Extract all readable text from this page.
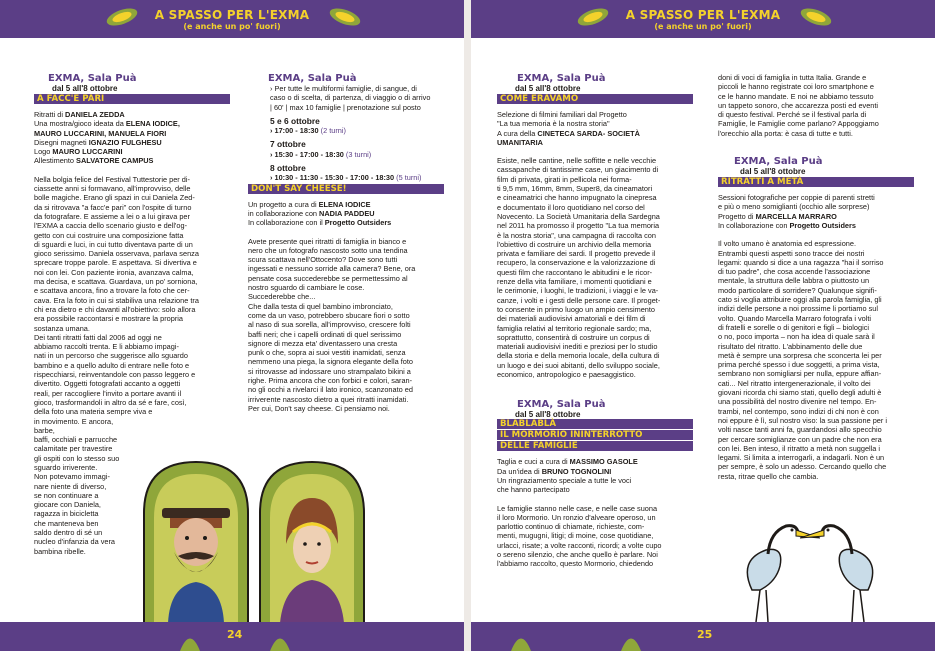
A SPASSO PER L'EXMA
(e anche un po' fuori)
A SPASSO PER L'EXMA
(e anche un po' fuori)
EXMA, Sala Puà
dal 5 all'8 ottobre
A FACC'E PARI

Ritratti di DANIELA ZEDDA

Una mostra/gioco ideata da ELENA IODICE,

MAURO LUCCARINI, MANUELA FIORI

Disegni magneti IGNAZIO FULGHESU

Logo MAURO LUCCARINI

Allestimento SALVATORE CAMPUS

Nella bolgia felice del Festival Tuttestorie per di-

ciassette anni si formavano, all'improvviso, delle

bolle magiche. Erano gli spazi in cui Daniela Zed-

da si ritrovava "a facc'e pari" con l'ospite di turno

da fotografare. E assieme a lei o a lui girava per

l'EXMA a caccia dello scenario giusto e dell'og-

getto con cui costruire una composizione fatta

di sguardi e luci, in cui tutto diventava parte di un

gioco serissimo. Daniela osservava, parlava senza

sprecare troppe parole. E aspettava. Si divertiva e

noi con lei. Con paziente ironia, avanzava calma,

ma decisa, e scattava. Guardava, un po' sorniona,

e scattava ancora, fino a trovare la foto che cer-

cava. Era la foto in cui si stabiliva una relazione tra

chi era dietro e chi davanti all'obiettivo: solo allora

era possibile raccontarsi e mostrare la propria

sostanza umana.

Dei tanti ritratti fatti dal 2006 ad oggi ne

abbiamo raccolti trenta. E li abbiamo impagi-

nati in un percorso che suggerisce allo sguardo

bambino e a quello adulto di entrare nelle foto e

rispecchiarsi, reinventandole con passo leggero e

divertito. Oggetti fotografati accanto a oggetti

reali, per raccogliere l'invito a portare avanti il

gioco, trasformandoli in altro da sé e fare, così,

della foto una materia sempre viva e

in movimento. E ancora, barbe,

baffi, occhiali e parrucche

calamitate per travestire

gli ospiti con lo stesso suo

sguardo irriverente.

Non potevamo immagi-

nare niente di diverso,

se non continuare a

giocare con Daniela,

ragazza in bicicletta

che manteneva ben

saldo dentro di sé un

nucleo d'infanzia da vera

bambina ribelle.

EXMA, Sala Puà

› Per tutte le multiformi famiglie, di sangue, di

caso o di scelta, di partenza, di viaggio o di arrivo

| 60' | max 10 famiglie | prenotazione sul posto

5 e 6 ottobre

› 17:00 - 18:30 (2 turni)

7 ottobre

› 15:30 - 17:00 - 18:30 (3 turni)

8 ottobre

› 10:30 - 11:30 - 15:30 - 17:00 - 18:30 (5 turni)

DON'T SAY CHEESE!

Un progetto a cura di ELENA IODICE

in collaborazione con NADIA PADDEU

In collaborazione con il Progetto Outsiders

Avete presente quei ritratti di famiglia in bianco e

nero che un fotografo nascosto sotto una tendina

scura scattava nell'Ottocento? Dove sono tutti

ingessati e nessuno sorride alla camera? Bene, ora

pensate cosa succederebbe se permettessimo al

nostro sguardo di cambiare le cose.

Succederebbe che...

Che dalla testa di quel bambino imbronciato,

come da un vaso, potrebbero sbucare fiori o sotto

al naso di sua sorella, all'improvviso, crescere folti

baffi neri; che i capelli ordinati di quel serissimo

signore di mezza eta' diventassero una cresta

punk o che, sopra ai suoi vestiti inamidati, senza

nemmeno una piega, la signora elegante della foto

si ritrovasse ad indossare uno strampalato bikini a

righe. Prima ancora che con forbici e colori, saran-

no gli occhi a rivelarci il lato ironico, scanzonato ed

irriverente nascosto dietro a quei ritratti inamidati.

Per cui, Don't say cheese. Ci pensiamo noi.

EXMA, Sala Puà
dal 5 all'8 ottobre
COME ERAVAMO

Selezione di filmini familiari dal Progetto

"La tua memoria è la nostra storia"

A cura della CINETECA SARDA- SOCIETÀ

UMANITARIA

Esiste, nelle cantine, nelle soffitte e nelle vecchie

cassapanche di tantissime case, un giacimento di

film di privata, girati in pellicola nei forma-

ti 9,5 mm, 16mm, 8mm, Super8, da cineamatori

e cineamatrici che hanno impugnato la cinepresa

e documentato il loro quotidiano nel corso del

Novecento. La Società Umanitaria della Sardegna

nel 2011 ha promosso il progetto "La tua memoria

è la nostra storia", una campagna di raccolta con

l'obiettivo di costruire un archivio della memoria

privata e familiare dei sardi. Il progetto prevede il

recupero, la conservazione e la valorizzazione di

questi film che raccontano le abitudini e le ricor-

renze della vita familiare, i momenti quotidiani e

le cerimonie, i luoghi, le tradizioni, i viaggi e le va-

canze, i volti e i gesti delle persone care. Il proget-

to consente in primo luogo un ampio censimento

dei materiali audiovisivi amatoriali e dei film di

famiglia relativi al territorio regionale sardo; ma,

soprattutto, consentirà di costruire un corpus di

materiali audiovisivi inediti e preziosi per lo studio

della storia e della memoria locale, della cultura di

un luogo e dei suoi abitanti, dello sviluppo sociale,

economico, antropologico e paesaggistico.

EXMA, Sala Puà
dal 5 all'8 ottobre
BLABLABLÀ
IL MORMORIO ININTERROTTO
DELLE FAMIGLIE

Taglia e cuci a cura di MASSIMO GASOLE

Da un'idea di BRUNO TOGNOLINI

Un ringraziamento speciale a tutte le voci

che hanno partecipato

Le famiglie stanno nelle case, e nelle case suona

il loro Mormorio. Un ronzio d'alveare operoso, un

parlottio continuo di chiamate, richieste, com-

menti, mugugni, litigi; di moine, cose quotidiane,

urlacci, risate; a volte racconti, ricordi; a volte cupo

o sereno silenzio, che anche quello è parlare. Noi

l'abbiamo raccolto, questo Mormorio, chiedendo

doni di voci di famiglia in tutta Italia. Grande e

piccoli le hanno registrate coi loro smartphone e

ce le hanno mandate. E noi ne abbiamo tessuto

un tappeto sonoro, che accarezza posti ed eventi

di questo festival. Perché se il festival parla di

Famiglie, le Famiglie come parlano? Appoggiamo

l'orecchio alla porta: è casa di tutte e tutti.

EXMA, Sala Puà
dal 5 all'8 ottobre
RITRATTI A METÀ

Sessioni fotografiche per coppie di parenti stretti

e più o meno somiglianti (occhio alle sorprese)

Progetto di MARCELLA MARRARO

In collaborazione con Progetto Outsiders

Il volto umano è anatomia ed espressione.

Entrambi questi aspetti sono tracce dei nostri

legami: quando si dice a una ragazza "hai il sorriso

di tuo padre", che cosa accende l'associazione

mentale, la struttura delle labbra o piuttosto un

modo particolare di sorridere? Qualunque signifi-

cato si voglia attribuire oggi alla parola famiglia, gli

indizi delle persone a noi prossime li portiamo sul

volto. Quando Marcella Marraro fotografa i volti

di fratelli e sorelle o di genitori e figli – biologici

o no, poco importa – non ha idea di quale sarà il

risultato del ritratto. L'abbinamento delle due

metà è sempre una sorpresa che sconcerta lei per

prima perché spesso i due soggetti, a prima vista,

sembrano non somigliarsi per nulla, eppure affian-

cati... Nel ritratto intergenerazionale, il volto dei

giovani ricorda chi siamo stati, quello degli adulti è

una possibilità del nostro divenire nel tempo. En-

trambi, nel contempo, sono indizi di chi non è con

noi eppure è lì, sul nostro viso: la sua passione per i

volti nasce tanti anni fa, guardandosi allo specchio

per cercare somiglianze con un padre che non era

con lei. Ben inteso, il ritratto a metà non suggella i

legami. Si limita a interrogarli, a indagarli. Non è un

per sempre, è solo un adesso. Cercando quello che

resta, ritrae quello che cambia.

24	25
